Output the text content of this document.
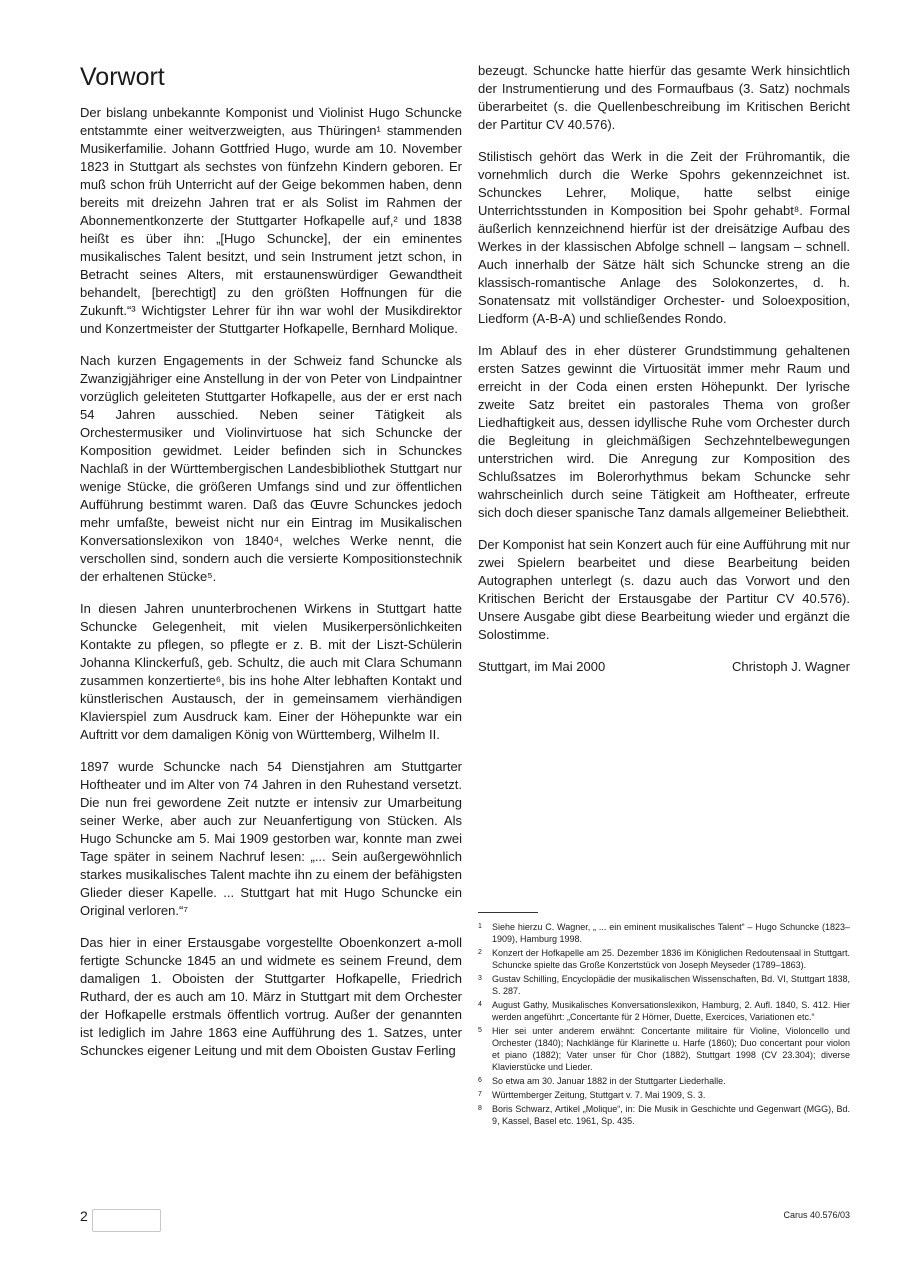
Vorwort

Der bislang unbekannte Komponist und Violinist Hugo Schuncke entstammte einer weitverzweigten, aus Thüringen¹ stammenden Musikerfamilie. Johann Gottfried Hugo, wurde am 10. November 1823 in Stuttgart als sechstes von fünfzehn Kindern geboren. Er muß schon früh Unterricht auf der Geige bekommen haben, denn bereits mit dreizehn Jahren trat er als Solist im Rahmen der Abonnementkonzerte der Stuttgarter Hofkapelle auf,² und 1838 heißt es über ihn: „[Hugo Schuncke], der ein eminentes musikalisches Talent besitzt, und sein Instrument jetzt schon, in Betracht seines Alters, mit erstaunenswürdiger Gewandtheit behandelt, [berechtigt] zu den größten Hoffnungen für die Zukunft.“³ Wichtigster Lehrer für ihn war wohl der Musikdirektor und Konzertmeister der Stuttgarter Hofkapelle, Bernhard Molique.

Nach kurzen Engagements in der Schweiz fand Schuncke als Zwanzigjähriger eine Anstellung in der von Peter von Lindpaintner vorzüglich geleiteten Stuttgarter Hofkapelle, aus der er erst nach 54 Jahren ausschied. Neben seiner Tätigkeit als Orchestermusiker und Violinvirtuose hat sich Schuncke der Komposition gewidmet. Leider befinden sich in Schunckes Nachlaß in der Württembergischen Landesbibliothek Stuttgart nur wenige Stücke, die größeren Umfangs sind und zur öffentlichen Aufführung bestimmt waren. Daß das Œuvre Schunckes jedoch mehr umfaßte, beweist nicht nur ein Eintrag im Musikalischen Konversationslexikon von 1840⁴, welches Werke nennt, die verschollen sind, sondern auch die versierte Kompositionstechnik der erhaltenen Stücke⁵.

In diesen Jahren ununterbrochenen Wirkens in Stuttgart hatte Schuncke Gelegenheit, mit vielen Musikerpersönlichkeiten Kontakte zu pflegen, so pflegte er z. B. mit der Liszt-Schülerin Johanna Klinckerfuß, geb. Schultz, die auch mit Clara Schumann zusammen konzertierte⁶, bis ins hohe Alter lebhaften Kontakt und künstlerischen Austausch, der in gemeinsamem vierhändigen Klavierspiel zum Ausdruck kam. Einer der Höhepunkte war ein Auftritt vor dem damaligen König von Württemberg, Wilhelm II.

1897 wurde Schuncke nach 54 Dienstjahren am Stuttgarter Hoftheater und im Alter von 74 Jahren in den Ruhestand versetzt. Die nun frei gewordene Zeit nutzte er intensiv zur Umarbeitung seiner Werke, aber auch zur Neuanfertigung von Stücken. Als Hugo Schuncke am 5. Mai 1909 gestorben war, konnte man zwei Tage später in seinem Nachruf lesen: „... Sein außergewöhnlich starkes musikalisches Talent machte ihn zu einem der befähigsten Glieder dieser Kapelle. ... Stuttgart hat mit Hugo Schuncke ein Original verloren.“⁷

Das hier in einer Erstausgabe vorgestellte Oboenkonzert a-moll fertigte Schuncke 1845 an und widmete es seinem Freund, dem damaligen 1. Oboisten der Stuttgarter Hofkapelle, Friedrich Ruthard, der es auch am 10. März in Stuttgart mit dem Orchester der Hofkapelle erstmals öffentlich vortrug. Außer der genannten ist lediglich im Jahre 1863 eine Aufführung des 1. Satzes, unter Schunckes eigener Leitung und mit dem Oboisten Gustav Ferling

bezeugt. Schuncke hatte hierfür das gesamte Werk hinsichtlich der Instrumentierung und des Formaufbaus (3. Satz) nochmals überarbeitet (s. die Quellenbeschreibung im Kritischen Bericht der Partitur CV 40.576).

Stilistisch gehört das Werk in die Zeit der Frühromantik, die vornehmlich durch die Werke Spohrs gekennzeichnet ist. Schunckes Lehrer, Molique, hatte selbst einige Unterrichtsstunden in Komposition bei Spohr gehabt⁸. Formal äußerlich kennzeichnend hierfür ist der dreisätzige Aufbau des Werkes in der klassischen Abfolge schnell – langsam – schnell. Auch innerhalb der Sätze hält sich Schuncke streng an die klassisch-romantische Anlage des Solokonzertes, d. h. Sonatensatz mit vollständiger Orchester- und Soloexposition, Liedform (A-B-A) und schließendes Rondo.

Im Ablauf des in eher düsterer Grundstimmung gehaltenen ersten Satzes gewinnt die Virtuosität immer mehr Raum und erreicht in der Coda einen ersten Höhepunkt. Der lyrische zweite Satz breitet ein pastorales Thema von großer Liedhaftigkeit aus, dessen idyllische Ruhe vom Orchester durch die Begleitung in gleichmäßigen Sechzehntelbewegungen unterstrichen wird. Die Anregung zur Komposition des Schlußsatzes im Bolerorhythmus bekam Schuncke sehr wahrscheinlich durch seine Tätigkeit am Hoftheater, erfreute sich doch dieser spanische Tanz damals allgemeiner Beliebtheit.

Der Komponist hat sein Konzert auch für eine Aufführung mit nur zwei Spielern bearbeitet und diese Bearbeitung beiden Autographen unterlegt (s. dazu auch das Vorwort und den Kritischen Bericht der Erstausgabe der Partitur CV 40.576). Unsere Ausgabe gibt diese Bearbeitung wieder und ergänzt die Solostimme.

Stuttgart, im Mai 2000	Christoph J. Wagner
1	Siehe hierzu C. Wagner, „ ... ein eminent musikalisches Talent“ – Hugo Schuncke (1823–1909), Hamburg 1998.
2	Konzert der Hofkapelle am 25. Dezember 1836 im Königlichen Redoutensaal in Stuttgart. Schuncke spielte das Große Konzertstück von Joseph Meyseder (1789–1863).
3	Gustav Schilling, Encyclopädie der musikalischen Wissenschaften, Bd. VI, Stuttgart 1838, S. 287.
4	August Gathy, Musikalisches Konversationslexikon, Hamburg, 2. Aufl. 1840, S. 412. Hier werden angeführt: „Concertante für 2 Hörner, Duette, Exercices, Variationen etc.“
5	Hier sei unter anderem erwähnt: Concertante militaire für Violine, Violoncello und Orchester (1840); Nachklänge für Klarinette u. Harfe (1860); Duo concertant pour violon et piano (1882); Vater unser für Chor (1882), Stuttgart 1998 (CV 23.304); diverse Klavierstücke und Lieder.
6	So etwa am 30. Januar 1882 in der Stuttgarter Liederhalle.
7	Württemberger Zeitung, Stuttgart v. 7. Mai 1909, S. 3.
8	Boris Schwarz, Artikel „Molique“, in: Die Musik in Geschichte und Gegenwart (MGG), Bd. 9, Kassel, Basel etc. 1961, Sp. 435.
2	Carus 40.576/03
